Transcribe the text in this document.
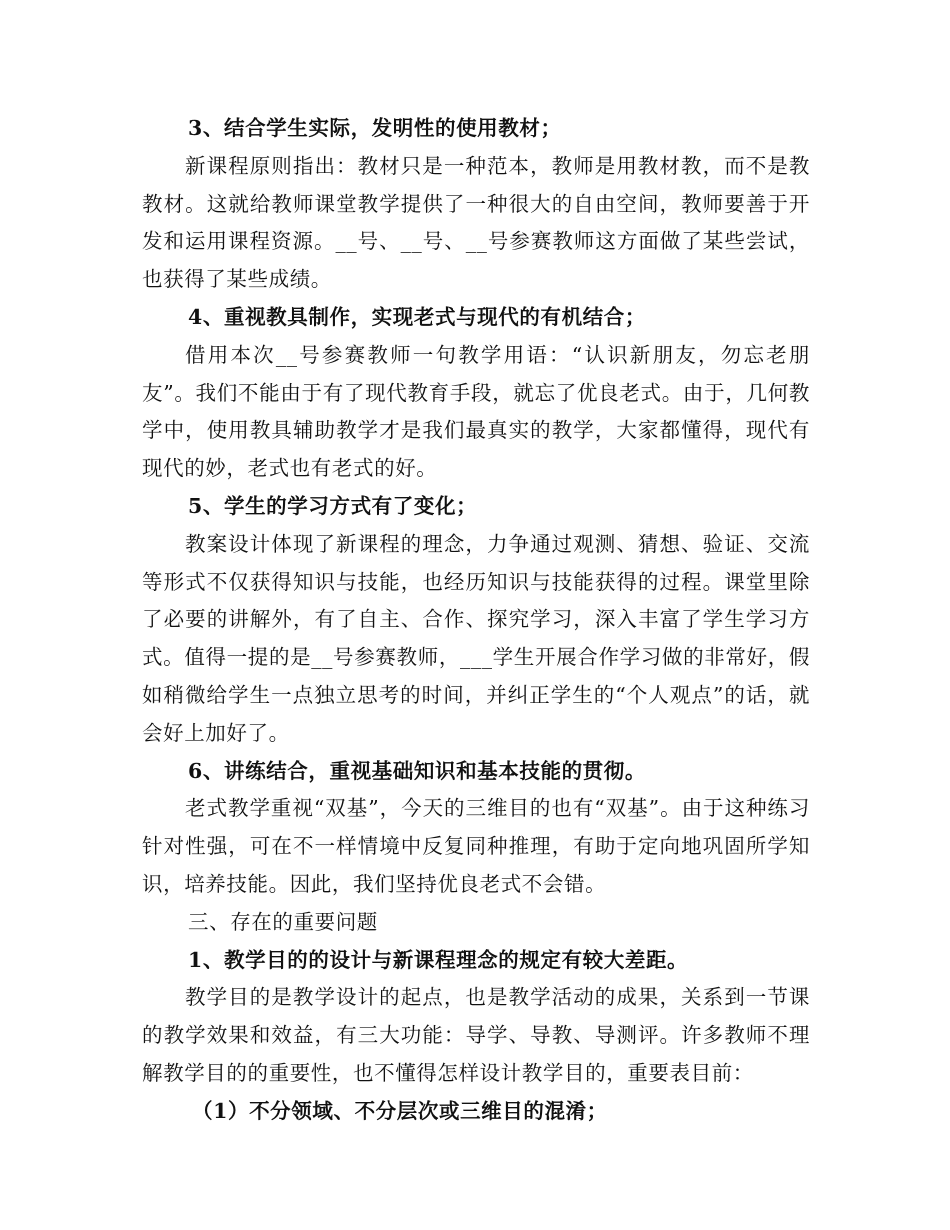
3、结合学生实际，发明性的使用教材；

新课程原则指出：教材只是一种范本，教师是用教材教，而不是教教材。这就给教师课堂教学提供了一种很大的自由空间，教师要善于开发和运用课程资源。__号、__号、__号参赛教师这方面做了某些尝试，也获得了某些成绩。

4、重视教具制作，实现老式与现代的有机结合；

借用本次__号参赛教师一句教学用语：“认识新朋友，勿忘老朋友”。我们不能由于有了现代教育手段，就忘了优良老式。由于，几何教学中，使用教具辅助教学才是我们最真实的教学，大家都懂得，现代有现代的妙，老式也有老式的好。

5、学生的学习方式有了变化；

教案设计体现了新课程的理念，力争通过观测、猜想、验证、交流等形式不仅获得知识与技能，也经历知识与技能获得的过程。课堂里除了必要的讲解外，有了自主、合作、探究学习，深入丰富了学生学习方式。值得一提的是__号参赛教师，___学生开展合作学习做的非常好，假如稍微给学生一点独立思考的时间，并纠正学生的“个人观点”的话，就会好上加好了。

6、讲练结合，重视基础知识和基本技能的贯彻。

老式教学重视“双基”，今天的三维目的也有“双基”。由于这种练习针对性强，可在不一样情境中反复同种推理，有助于定向地巩固所学知识，培养技能。因此，我们坚持优良老式不会错。

三、存在的重要问题

1、教学目的的设计与新课程理念的规定有较大差距。

教学目的是教学设计的起点，也是教学活动的成果，关系到一节课的教学效果和效益，有三大功能：导学、导教、导测评。许多教师不理解教学目的的重要性，也不懂得怎样设计教学目的，重要表目前：

（1）不分领域、不分层次或三维目的混淆；
